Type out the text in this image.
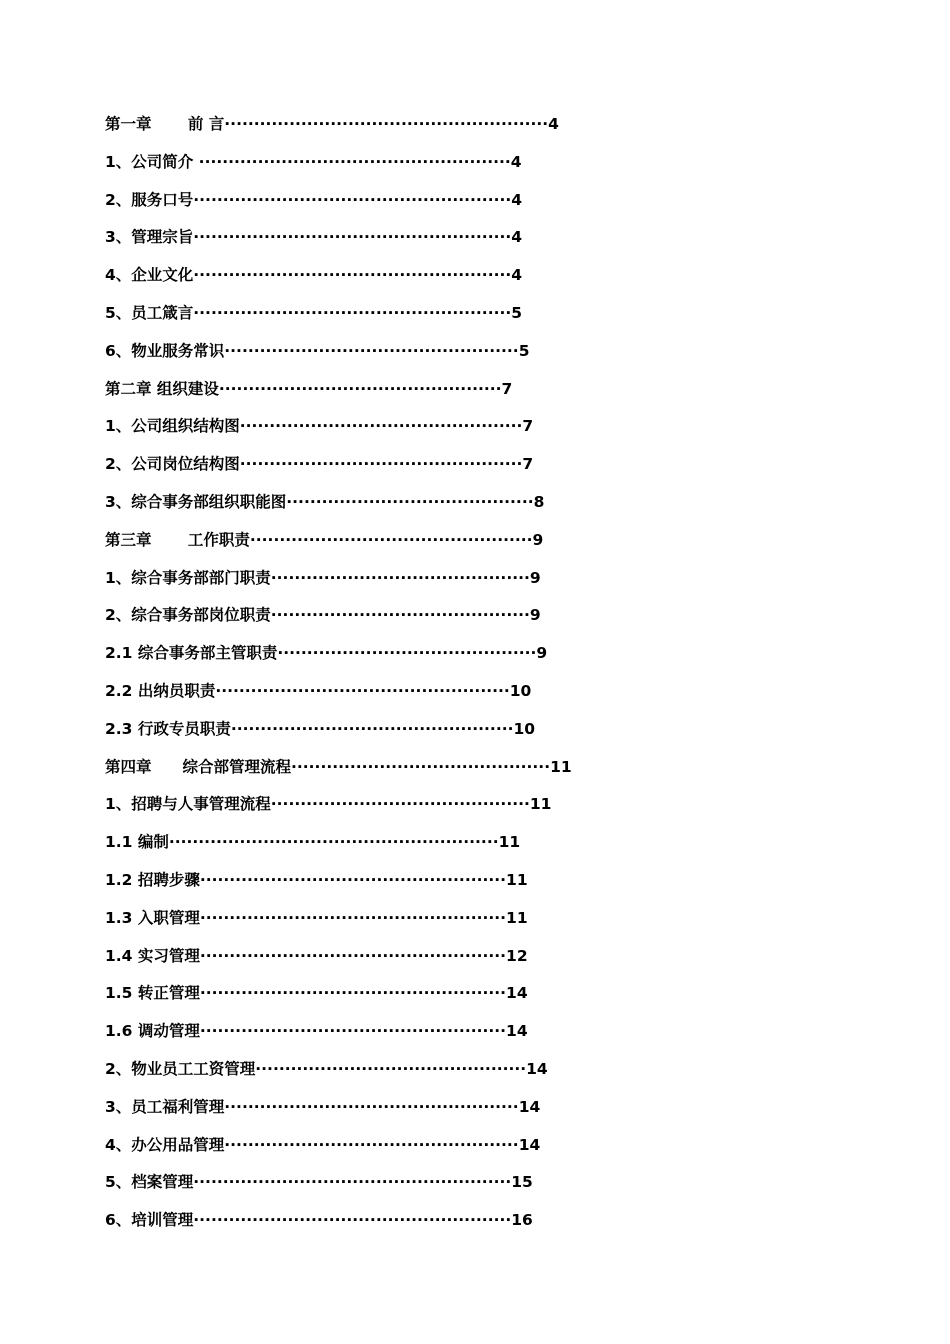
第一章　　 前 言·······················································4
1、公司简介 ·····················································4
2、服务口号······················································4
3、管理宗旨······················································4
4、企业文化······················································4
5、员工箴言······················································5
6、物业服务常识··················································5
第二章 组织建设················································7
1、公司组织结构图················································7
2、公司岗位结构图················································7
3、综合事务部组织职能图··········································8
第三章　　 工作职责················································9
1、综合事务部部门职责············································9
2、综合事务部岗位职责············································9
2.1 综合事务部主管职责············································9
2.2 出纳员职责··················································10
2.3 行政专员职责················································10
第四章　　综合部管理流程············································11
1、招聘与人事管理流程············································11
1.1 编制························································11
1.2 招聘步骤····················································11
1.3 入职管理····················································11
1.4 实习管理····················································12
1.5 转正管理····················································14
1.6 调动管理····················································14
2、物业员工工资管理··············································14
3、员工福利管理··················································14
4、办公用品管理··················································14
5、档案管理······················································15
6、培训管理······················································16
